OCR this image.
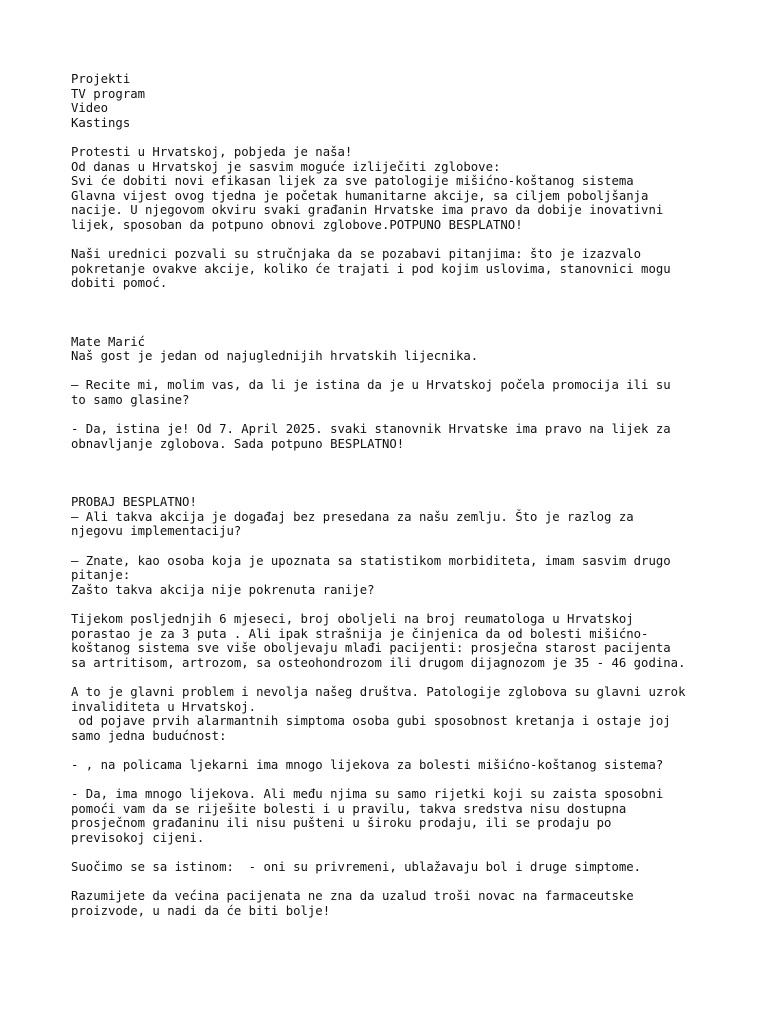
Projekti
TV program
Video
Kastings
Protesti u Hrvatskoj, pobjeda je naša!
Od danas u Hrvatskoj je sasvim moguće izliječiti zglobove:
Svi će dobiti novi efikasan lijek za sve patologije mišićno-koštanog sistema
Glavna vijest ovog tjedna je početak humanitarne akcije, sa ciljem poboljšanja
nacije. U njegovom okviru svaki građanin Hrvatske ima pravo da dobije inovativni
lijek, sposoban da potpuno obnovi zglobove.POTPUNO BESPLATNO!
Naši urednici pozvali su stručnjaka da se pozabavi pitanjima: što je izazvalo
pokretanje ovakve akcije, koliko će trajati i pod kojim uslovima, stanovnici mogu
dobiti pomoć.
Mate Marić
Naš gost je jedan od najuglednijih hrvatskih lijecnika.
— Recite mi, molim vas, da li je istina da je u Hrvatskoj počela promocija ili su
to samo glasine?
- Da, istina je! Od 7. April 2025. svaki stanovnik Hrvatske ima pravo na lijek za
obnavljanje zglobova. Sada potpuno BESPLATNO!
PROBAJ BESPLATNO!
— Ali takva akcija je događaj bez presedana za našu zemlju. Što je razlog za
njegovu implementaciju?
— Znate, kao osoba koja je upoznata sa statistikom morbiditeta, imam sasvim drugo
pitanje:
Zašto takva akcija nije pokrenuta ranije?
Tijekom posljednjih 6 mjeseci, broj oboljeli na broj reumatologa u Hrvatskoj
porastao je za 3 puta . Ali ipak strašnija je činjenica da od bolesti mišićno-
koštanog sistema sve više oboljevaju mlađi pacijenti: prosječna starost pacijenta
sa artritisom, artrozom, sa osteohondrozom ili drugom dijagnozom je 35 - 46 godina.
A to je glavni problem i nevolja našeg društva. Patologije zglobova su glavni uzrok
invaliditeta u Hrvatskoj.
od pojave prvih alarmantnih simptoma osoba gubi sposobnost kretanja i ostaje joj
samo jedna budućnost:
- , na policama ljekarni ima mnogo lijekova za bolesti mišićno-koštanog sistema?
- Da, ima mnogo lijekova. Ali među njima su samo rijetki koji su zaista sposobni
pomoći vam da se riješite bolesti i u pravilu, takva sredstva nisu dostupna
prosječnom građaninu ili nisu pušteni u široku prodaju, ili se prodaju po
previsokoj cijeni.
Suočimo se sa istinom:  - oni su privremeni, ublažavaju bol i druge simptome.
Razumijete da većina pacijenata ne zna da uzalud troši novac na farmaceutske
proizvode, u nadi da će biti bolje!
